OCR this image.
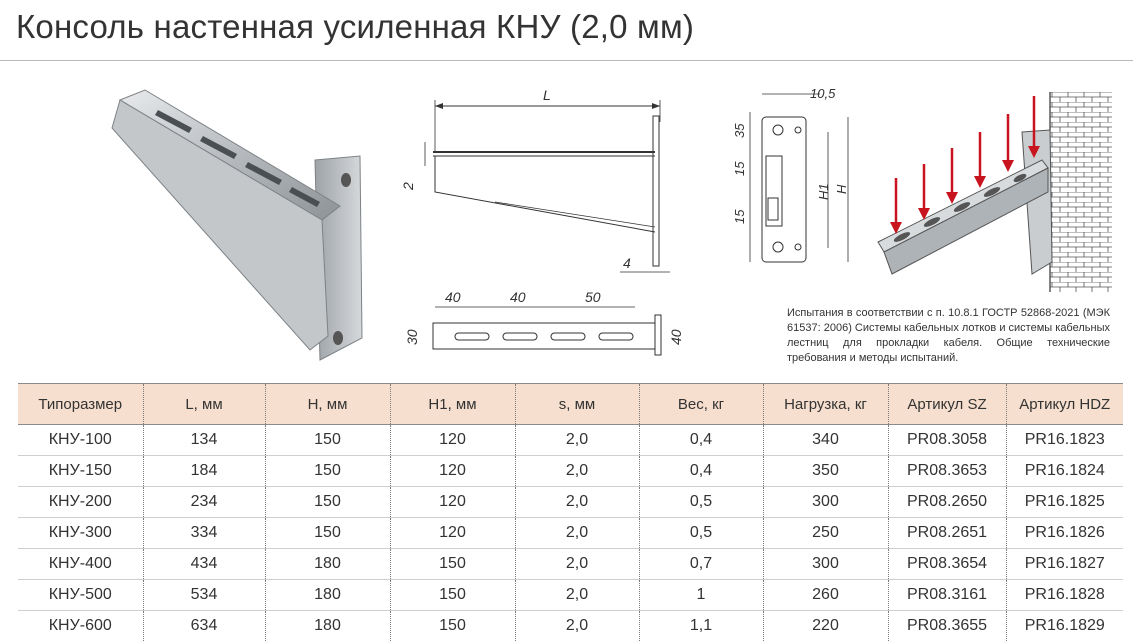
Консоль настенная усиленная КНУ (2,0 мм)
L
2
4
40	40	50
30	40
10,5
35
15
15
H1 H
Испытания в соответствии с п. 10.8.1 ГОСТР 52868-2021 (МЭК 61537: 2006) Системы кабельных лотков и системы кабельных лестниц для прокладки кабеля. Общие технические требования и методы испытаний.
Типоразмер	L, мм	H, мм	H1, мм	s, мм	Вес, кг	Нагрузка, кг	Артикул SZ	Артикул HDZ
КНУ-100	134	150	120	2,0	0,4	340	PR08.3058	PR16.1823
КНУ-150	184	150	120	2,0	0,4	350	PR08.3653	PR16.1824
КНУ-200	234	150	120	2,0	0,5	300	PR08.2650	PR16.1825
КНУ-300	334	150	120	2,0	0,5	250	PR08.2651	PR16.1826
КНУ-400	434	180	150	2,0	0,7	300	PR08.3654	PR16.1827
КНУ-500	534	180	150	2,0	1	260	PR08.3161	PR16.1828
КНУ-600	634	180	150	2,0	1,1	220	PR08.3655	PR16.1829
